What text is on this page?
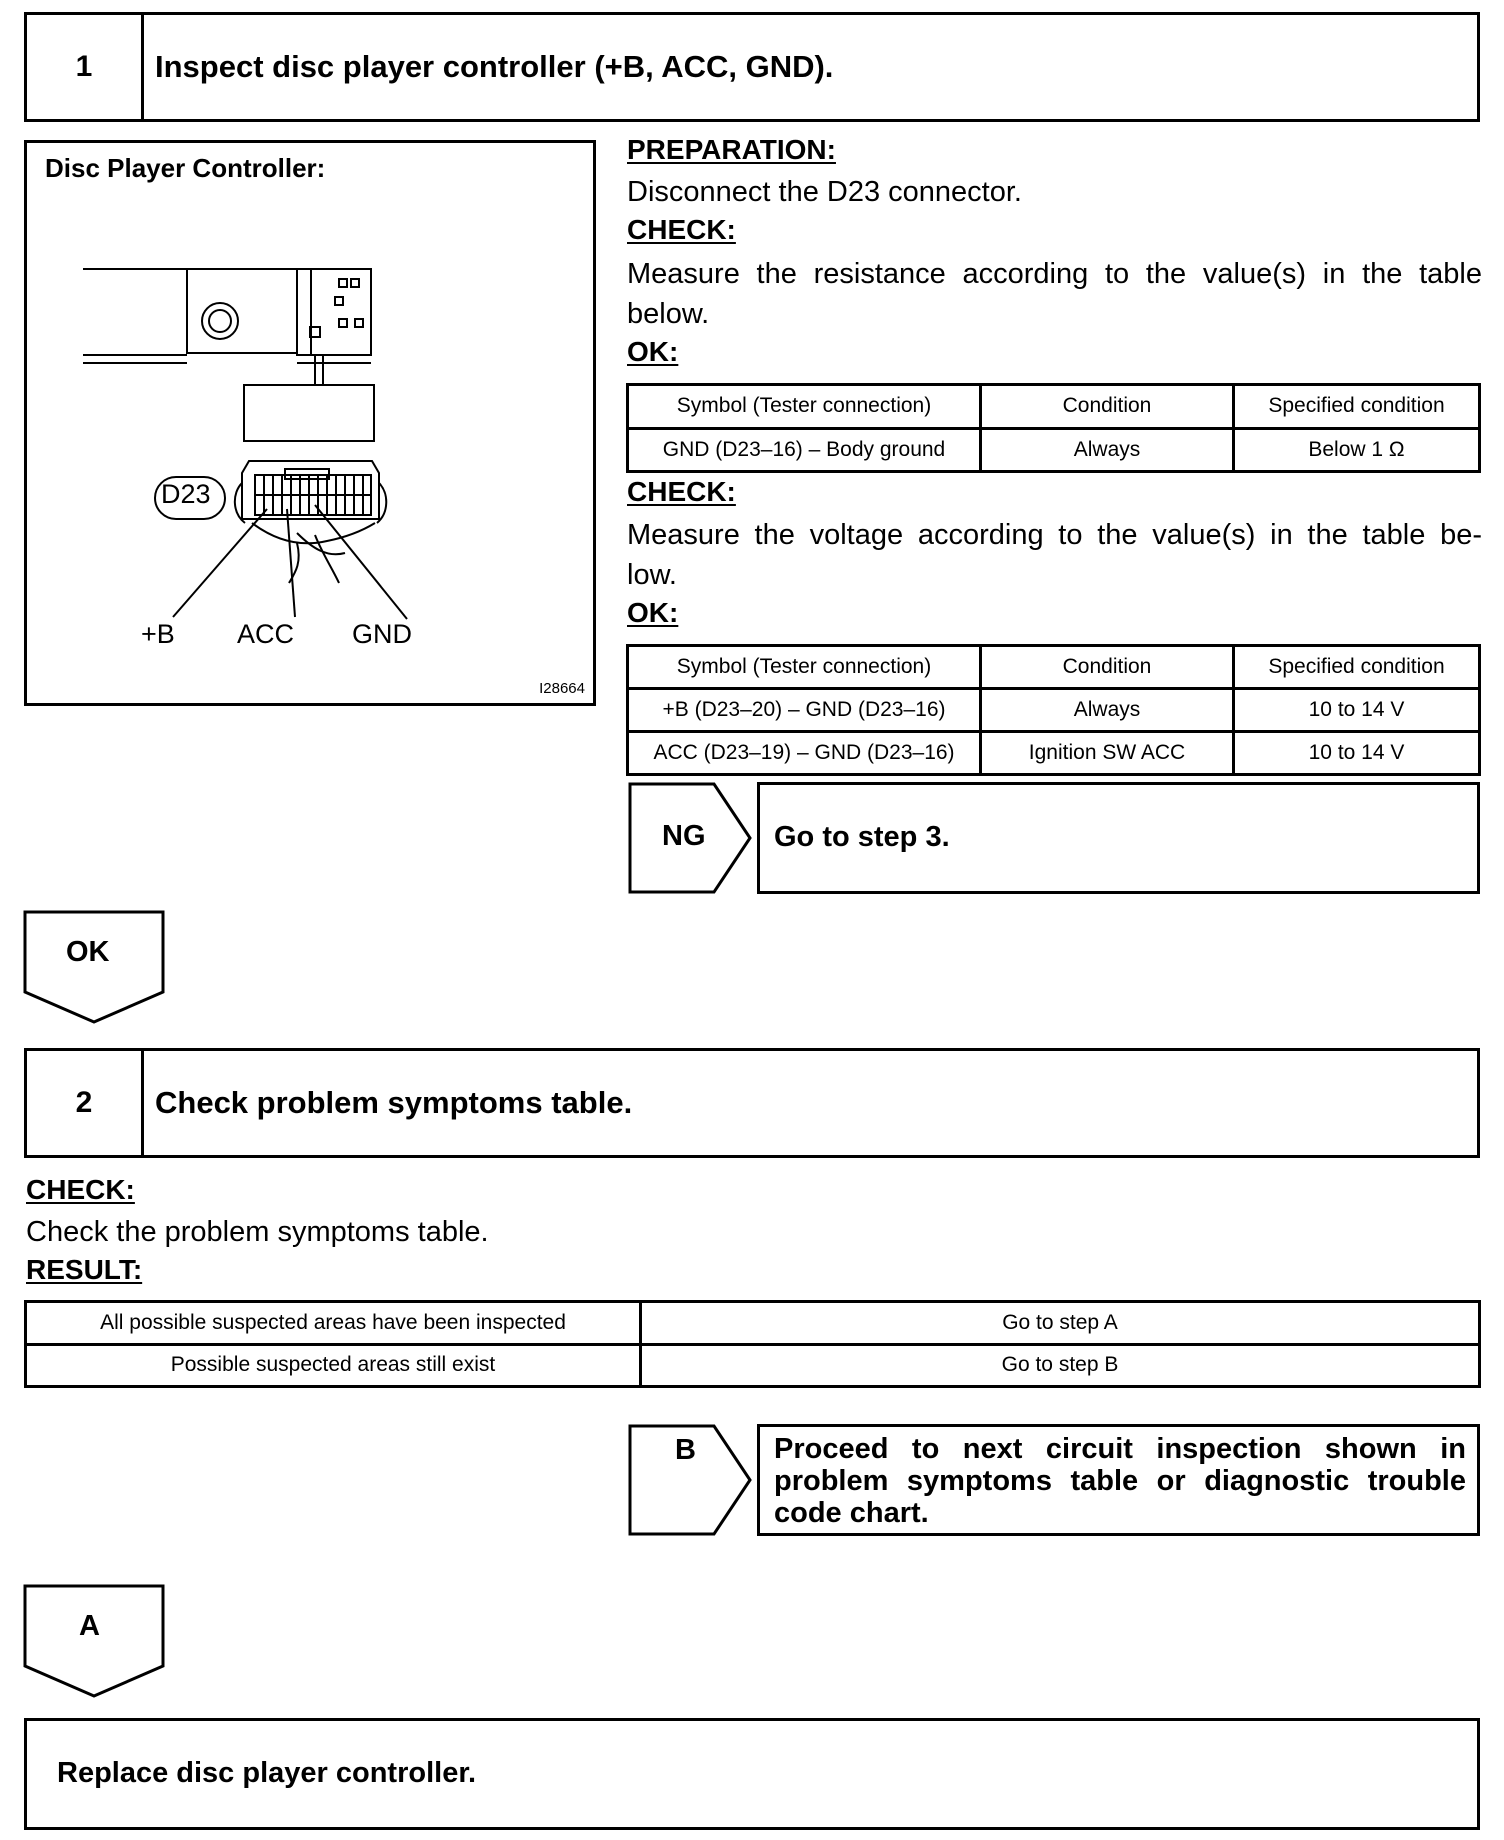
1	Inspect disc player controller (+B, ACC, GND).
Disc Player Controller:
D23
+B ACC GND
I28664
PREPARATION:
Disconnect the D23 connector.
CHECK:
Measure the resistance according to the value(s) in the table
below.
OK:
Symbol (Tester connection)	Condition	Specified condition
GND (D23–16) – Body ground	Always	Below 1 Ω
CHECK:
Measure the voltage according to the value(s) in the table be-
low.
OK:
Symbol (Tester connection)	Condition	Specified condition
+B (D23–20) – GND (D23–16)	Always	10 to 14 V
ACC (D23–19) – GND (D23–16)	Ignition SW ACC	10 to 14 V
NG Go to step 3.
OK
2	Check problem symptoms table.
CHECK:
Check the problem symptoms table.
RESULT:
All possible suspected areas have been inspected	Go to step A
Possible suspected areas still exist	Go to step B
B	Proceed to next circuit inspection shown in
problem symptoms table or diagnostic trouble
code chart.
A
Replace disc player controller.
